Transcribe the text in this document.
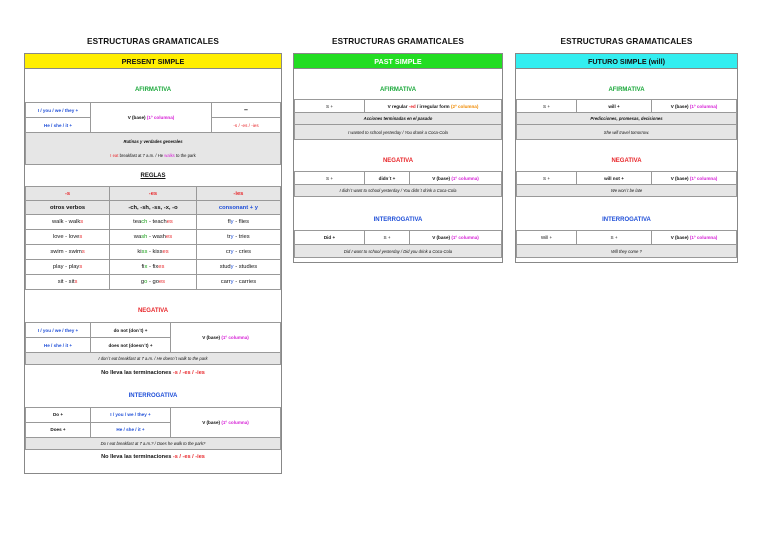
ESTRUCTURAS GRAMATICALES	ESTRUCTURAS GRAMATICALES	ESTRUCTURAS GRAMATICALES
PRESENT SIMPLE
AFIRMATIVA
I / you / we / they +	V (base) (1º columna)	–
He / she / it +		-s / -es / -ies

Rutinas y verdades generales
I eat breakfast at 7 a.m. / He walks to the park		
REGLAS
-s	-es	-ies
otros verbos	-ch, -sh, -ss, -x, -o	consonant + y
walk - walks	teach - teaches	fly - flies
love - loves	wash - washes	try - tries
swim - swims	kiss - kisses	cry - cries
play - plays	fix - fixes	study - studies
sit - sits	go - goes	carry - carries
NEGATIVA
I / you / we / they +	do not (don´t) +	V (base) (1º columna)
He / she / it +	does not (doesn´t) +	
I don´t eat breakfast at 7 a.m. / He doesn´t walk to the park		
No lleva las terminaciones -s / -es / -ies		
INTERROGATIVA
Do +	I / you / we / they +	V (base) (1º columna)
Does +	He / she / it +	
Do I eat breakfast at 7 a.m.? / Does he walk to the park?		
No lleva las terminaciones -s / -es / -ies		
PAST SIMPLE
AFIRMATIVA
S +	V regular -ed / irregular form (2º columna)
Acciones terminadas en el pasado
I wanted to school yesterday / You drank a Coca-Cola
NEGATIVA
S +	didn´t +	V (base) (1º columna)
I didn´t want to school yesterday / You didn´t drink a Coca-Cola
INTERROGATIVA
Did +	S +	V (base) (1º columna)
Did I want to school yesterday / Did you drink a Coca-Cola
FUTURO SIMPLE (will)
AFIRMATIVA
S +	will +	V (base) (1º columna)
Predicciones, promesas, decisiones
She will travel tomorrow.
NEGATIVA
S +	will not +	V (base) (1º columna)
We won´t be late
INTERROGATIVA
Will +	S +	V (base) (1º columna)
Will they come ?
